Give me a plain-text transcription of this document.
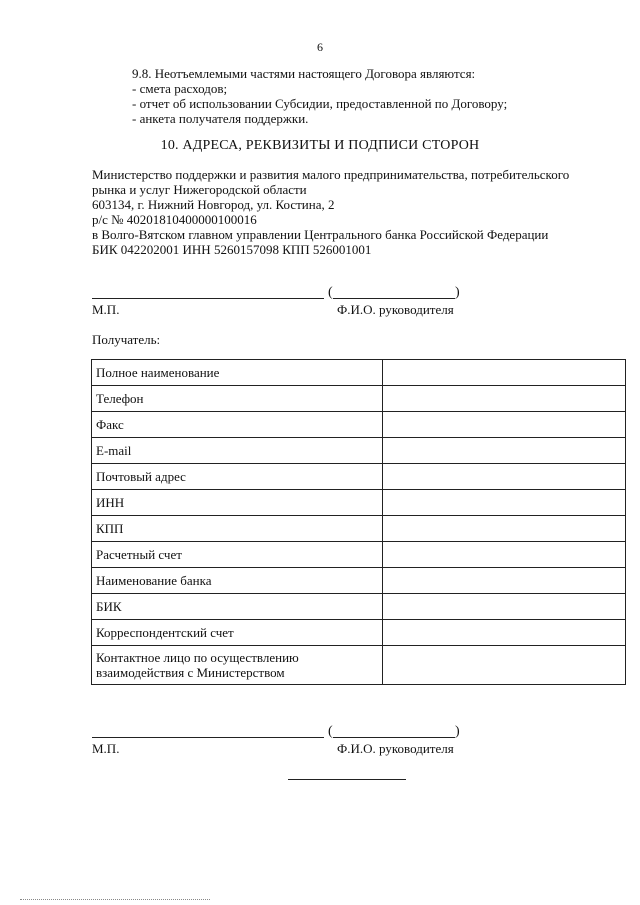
6
9.8. Неотъемлемыми частями настоящего Договора являются:
- смета расходов;
- отчет об использовании Субсидии, предоставленной по Договору;
- анкета получателя поддержки.
10. АДРЕСА, РЕКВИЗИТЫ И ПОДПИСИ СТОРОН
Министерство поддержки и развития малого предпринимательства, потребительского
рынка и услуг Нижегородской области
603134, г. Нижний Новгород, ул. Костина, 2
р/с № 40201810400000100016
в Волго-Вятском главном управлении Центрального банка Российской Федерации
БИК 042202001 ИНН 5260157098 КПП 526001001
(	)
М.П.	Ф.И.О. руководителя
Получатель:
Полное наименование	
Телефон	
Факс	
E-mail	
Почтовый адрес	
ИНН	
КПП	
Расчетный счет	
Наименование банка	
БИК	
Корреспондентский счет	
Контактное лицо по осуществлению взаимодействия с Министерством	
(	)
М.П.	Ф.И.О. руководителя
